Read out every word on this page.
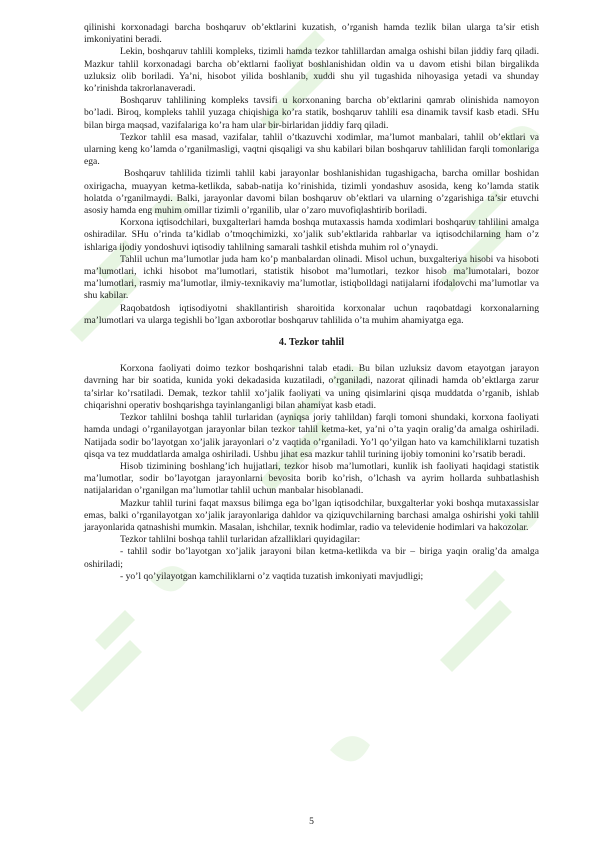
qilinishi korxonadagi barcha boshqaruv ob’ektlarini kuzatish, o’rganish hamda tezlik bilan ularga ta’sir etish imkoniyatini beradi.

Lekin, boshqaruv tahlili kompleks, tizimli hamda tezkor tahlillardan amalga oshishi bilan jiddiy farq qiladi. Mazkur tahlil korxonadagi barcha ob’ektlarni faoliyat boshlanishidan oldin va u davom etishi bilan birgalikda uzluksiz olib boriladi. Ya’ni, hisobot yilida boshlanib, xuddi shu yil tugashida nihoyasiga yetadi va shunday ko’rinishda takrorlanaveradi.

Boshqaruv tahlilining kompleks tavsifi u korxonaning barcha ob’ektlarini qamrab olinishida namoyon bo’ladi. Biroq, kompleks tahlil yuzaga chiqishiga ko’ra statik, boshqaruv tahlili esa dinamik tavsif kasb etadi. SHu bilan birga maqsad, vazifalariga ko’ra ham ular bir-birlaridan jiddiy farq qiladi.

Tezkor tahlil esa masad, vazifalar, tahlil o’tkazuvchi xodimlar, ma’lumot manbalari, tahlil ob’ektlari va ularning keng ko’lamda o’rganilmasligi, vaqtni qisqaligi va shu kabilari bilan boshqaruv tahlilidan farqli tomonlariga ega.

Boshqaruv tahlilida tizimli tahlil kabi jarayonlar boshlanishidan tugashigacha, barcha omillar boshidan oxirigacha, muayyan ketma-ketlikda, sabab-natija ko’rinishida, tizimli yondashuv asosida, keng ko’lamda statik holatda o’rganilmaydi. Balki, jarayonlar davomi bilan boshqaruv ob’ektlari va ularning o’zgarishiga ta’sir etuvchi asosiy hamda eng muhim omillar tizimli o’rganilib, ular o’zaro muvofiqlashtirib boriladi.

Korxona iqtisodchilari, buxgalterlari hamda boshqa mutaxassis hamda xodimlari boshqaruv tahlilini amalga oshiradilar. SHu o’rinda ta’kidlab o’tmoqchimizki, xo’jalik sub’ektlarida rahbarlar va iqtisodchilarning ham o’z ishlariga ijodiy yondoshuvi iqtisodiy tahlilning samarali tashkil etishda muhim rol o’ynaydi.

Tahlil uchun ma’lumotlar juda ham ko’p manbalardan olinadi. Misol uchun, buxgalteriya hisobi va hisoboti ma’lumotlari, ichki hisobot ma’lumotlari, statistik hisobot ma’lumotlari, tezkor hisob ma’lumotalari, bozor ma’lumotlari, rasmiy ma’lumotlar, ilmiy-texnikaviy ma’lumotlar, istiqbolldagi natijalarni ifodalovchi ma’lumotlar va shu kabilar.

Raqobatdosh iqtisodiyotni shakllantirish sharoitida korxonalar uchun raqobatdagi korxonalarning ma’lumotlari va ularga tegishli bo’lgan axborotlar boshqaruv tahlilida o’ta muhim ahamiyatga ega.

4. Tezkor tahlil

Korxona faoliyati doimo tezkor boshqarishni talab etadi. Bu bilan uzluksiz davom etayotgan jarayon davrning har bir soatida, kunida yoki dekadasida kuzatiladi, o’rganiladi, nazorat qilinadi hamda ob’ektlarga zarur ta’sirlar ko’rsatiladi. Demak, tezkor tahlil xo’jalik faoliyati va uning qisimlarini qisqa muddatda o’rganib, ishlab chiqarishni operativ boshqarishga tayinlanganligi bilan ahamiyat kasb etadi.

Tezkor tahlilni boshqa tahlil turlaridan (ayniqsa joriy tahlildan) farqli tomoni shundaki, korxona faoliyati hamda undagi o’rganilayotgan jarayonlar bilan tezkor tahlil ketma-ket, ya’ni o’ta yaqin oralig’da amalga oshiriladi. Natijada sodir bo’layotgan xo’jalik jarayonlari o’z vaqtida o’rganiladi. Yo’l qo’yilgan hato va kamchiliklarni tuzatish qisqa va tez muddatlarda amalga oshiriladi. Ushbu jihat esa mazkur tahlil turining ijobiy tomonini ko’rsatib beradi.

Hisob tizimining boshlang’ich hujjatlari, tezkor hisob ma’lumotlari, kunlik ish faoliyati haqidagi statistik ma’lumotlar, sodir bo’layotgan jarayonlarni bevosita borib ko’rish, o’lchash va ayrim hollarda suhbatlashish natijalaridan o’rganilgan ma’lumotlar tahlil uchun manbalar hisoblanadi.

Mazkur tahlil turini faqat maxsus bilimga ega bo’lgan iqtisodchilar, buxgalterlar yoki boshqa mutaxassislar emas, balki o’rganilayotgan xo’jalik jarayonlariga dahldor va qiziquvchilarning barchasi amalga oshirishi yoki tahlil jarayonlarida qatnashishi mumkin. Masalan, ishchilar, texnik hodimlar, radio va televidenie hodimlari va hakozolar.

Tezkor tahlilni boshqa tahlil turlaridan afzalliklari quyidagilar:

- tahlil sodir bo’layotgan xo’jalik jarayoni bilan ketma-ketlikda va bir – biriga yaqin oralig’da amalga oshiriladi;

- yo’l qo’yilayotgan kamchiliklarni o’z vaqtida tuzatish imkoniyati mavjudligi;

5
